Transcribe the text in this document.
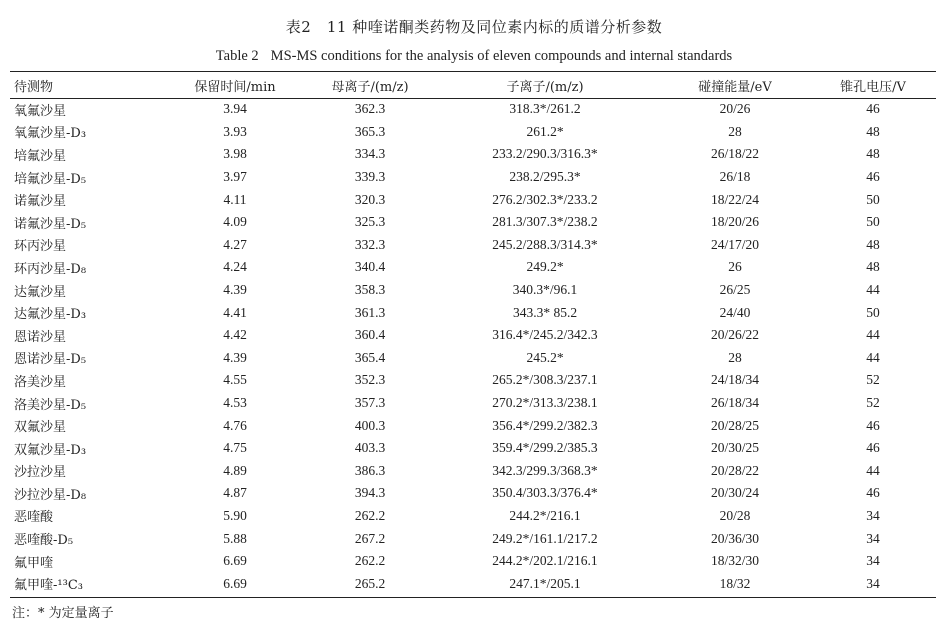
表2　11 种喹诺酮类药物及同位素内标的质谱分析参数
Table 2 MS-MS conditions for the analysis of eleven compounds and internal standards
待测物	保留时间/min	母离子/(m/z)	子离子/(m/z)	碰撞能量/eV	锥孔电压/V
氧氟沙星	3.94	362.3	318.3*/261.2	20/26	46
氧氟沙星-D₃	3.93	365.3	261.2*	28	48
培氟沙星	3.98	334.3	233.2/290.3/316.3*	26/18/22	48
培氟沙星-D₅	3.97	339.3	238.2/295.3*	26/18	46
诺氟沙星	4.11	320.3	276.2/302.3*/233.2	18/22/24	50
诺氟沙星-D₅	4.09	325.3	281.3/307.3*/238.2	18/20/26	50
环丙沙星	4.27	332.3	245.2/288.3/314.3*	24/17/20	48
环丙沙星-D₈	4.24	340.4	249.2*	26	48
达氟沙星	4.39	358.3	340.3*/96.1	26/25	44
达氟沙星-D₃	4.41	361.3	343.3* 85.2	24/40	50
恩诺沙星	4.42	360.4	316.4*/245.2/342.3	20/26/22	44
恩诺沙星-D₅	4.39	365.4	245.2*	28	44
洛美沙星	4.55	352.3	265.2*/308.3/237.1	24/18/34	52
洛美沙星-D₅	4.53	357.3	270.2*/313.3/238.1	26/18/34	52
双氟沙星	4.76	400.3	356.4*/299.2/382.3	20/28/25	46
双氟沙星-D₃	4.75	403.3	359.4*/299.2/385.3	20/30/25	46
沙拉沙星	4.89	386.3	342.3/299.3/368.3*	20/28/22	44
沙拉沙星-D₈	4.87	394.3	350.4/303.3/376.4*	20/30/24	46
恶喹酸	5.90	262.2	244.2*/216.1	20/28	34
恶喹酸-D₅	5.88	267.2	249.2*/161.1/217.2	20/36/30	34
氟甲喹	6.69	262.2	244.2*/202.1/216.1	18/32/30	34
氟甲喹-¹³C₃	6.69	265.2	247.1*/205.1	18/32	34
注：* 为定量离子
